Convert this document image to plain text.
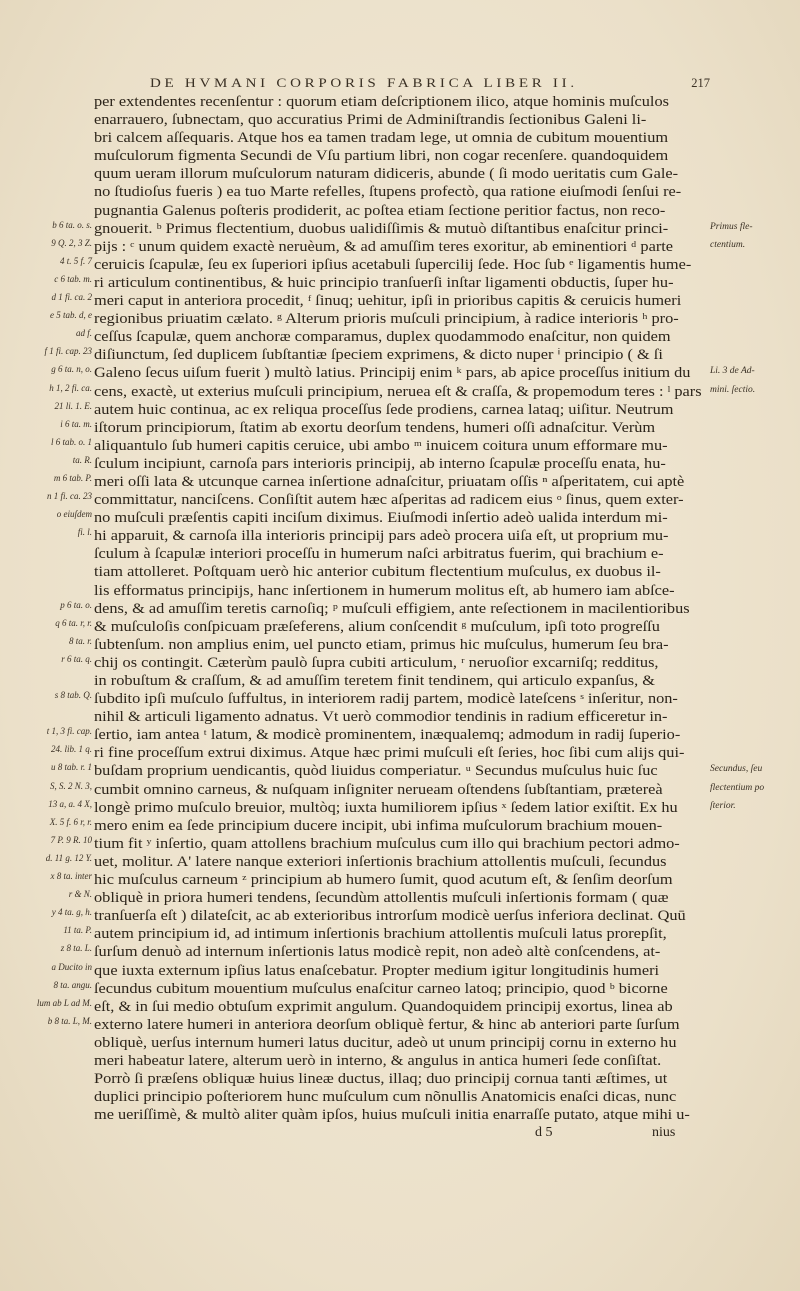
DE HVMANI CORPORIS FABRICA LIBER II.	217
per extendentes recenſentur : quorum etiam deſcriptionem ilico, atque hominis muſculos
enarrauero, ſubnectam, quo accuratius Primi de Adminiſtrandis ſectionibus Galeni li-
bri calcem aſſequaris. Atque hos ea tamen tradam lege, ut omnia de cubitum mouentium
muſculorum figmenta Secundi de Vſu partium libri, non cogar recenſere. quandoquidem
quum ueram illorum muſculorum naturam didiceris, abunde ( ſi modo ueritatis cum Gale-
no ſtudioſus fueris ) ea tuo Marte refelles, ſtupens profectò, qua ratione eiuſmodi ſenſui re-
pugnantia Galenus poſteris prodiderit, ac poſtea etiam ſectione peritior factus, non reco-
gnouerit. ᵇ Primus flectentium, duobus ualidiſſimis & mutuò diſtantibus enaſcitur princi-
b 6 ta. o. s.	Primus fle-
pijs : ᶜ unum quidem exactè neruèum, & ad amuſſim teres exoritur, ab eminentiori ᵈ parte
9 Q. 2, 3 Z.	ctentium.
ceruicis ſcapulæ, ſeu ex ſuperiori ipſius acetabuli ſupercilij ſede. Hoc ſub ᵉ ligamentis hume-
4 t. 5 f. 7
ri articulum continentibus, & huic principio tranſuerſi inſtar ligamenti obductis, ſuper hu-
c 6 tab. m.
meri caput in anteriora procedit, ᶠ ſinuq; uehitur, ipſi in prioribus capitis & ceruicis humeri
d 1 fi. ca. 2
regionibus priuatim cælato. ᵍ Alterum prioris muſculi principium, à radice interioris ʰ pro-
e 5 tab. d, e
ceſſus ſcapulæ, quem anchoræ comparamus, duplex quodammodo enaſcitur, non quidem
ad f.
diſiunctum, ſed duplicem ſubſtantiæ ſpeciem exprimens, & dicto nuper ⁱ principio ( & ſi
f 1 fi. cap. 23
Galeno ſecus uiſum fuerit ) multò latius. Principij enim ᵏ pars, ab apice proceſſus initium du
g 6 ta. n, o.	Li. 3 de Ad-
cens, exactè, ut exterius muſculi principium, neruea eſt & craſſa, & propemodum teres : ˡ pars
h 1, 2 fi. ca.	mini. ſectio.
autem huic continua, ac ex reliqua proceſſus ſede prodiens, carnea lataq; uiſitur. Neutrum
21 li. 1. E.
iſtorum principiorum, ſtatim ab exortu deorſum tendens, humeri oſſi adnaſcitur. Verùm
i 6 ta. m.
aliquantulo ſub humeri capitis ceruice, ubi ambo ᵐ inuicem coitura unum efformare mu-
l 6 tab. o. 1
ſculum incipiunt, carnoſa pars interioris principij, ab interno ſcapulæ proceſſu enata, hu-
ta. R.
meri oſſi lata & utcunque carnea inſertione adnaſcitur, priuatam oſſis ⁿ aſperitatem, cui aptè
m 6 tab. P.
committatur, nanciſcens. Conſiſtit autem hæc aſperitas ad radicem eius ᵒ ſinus, quem exter-
n 1 fi. ca. 23
no muſculi præſentis capiti inciſum diximus. Eiuſmodi inſertio adeò ualida interdum mi-
o eiuſdem
hi apparuit, & carnoſa illa interioris principij pars adeò procera uiſa eſt, ut proprium mu-
fi. l.
ſculum à ſcapulæ interiori proceſſu in humerum naſci arbitratus fuerim, qui brachium e-
tiam attolleret. Poſtquam uerò hic anterior cubitum flectentium muſculus, ex duobus il-
lis efformatus principijs, hanc inſertionem in humerum molitus eſt, ab humero iam abſce-
dens, & ad amuſſim teretis carnoſiq; ᵖ muſculi effigiem, ante reſectionem in macilentioribus
p 6 ta. o.
& muſculoſis conſpicuam præſeferens, alium conſcendit ᵍ muſculum, ipſi toto progreſſu
q 6 ta. r, r.
ſubtenſum. non amplius enim, uel puncto etiam, primus hic muſculus, humerum ſeu bra-
8 ta. r.
chij os contingit. Cæterùm paulò ſupra cubiti articulum, ʳ neruoſior excarniſq; redditus,
r 6 ta. q.
in robuſtum & craſſum, & ad amuſſim teretem finit tendinem, qui articulo expanſus, &
ſubdito ipſi muſculo ſuffultus, in interiorem radij partem, modicè lateſcens ˢ inſeritur, non-
s 8 tab. Q.
nihil & articuli ligamento adnatus. Vt uerò commodior tendinis in radium efficeretur in-
ſertio, iam antea ᵗ latum, & modicè prominentem, inæqualemq; admodum in radij ſuperio-
t 1, 3 fi. cap.
ri fine proceſſum extrui diximus. Atque hæc primi muſculi eſt ſeries, hoc ſibi cum alijs qui-
24. lib. 1 q.
buſdam proprium uendicantis, quòd liuidus comperiatur. ᵘ Secundus muſculus huic ſuc
u 8 tab. r. 1	Secundus, ſeu
cumbit omnino carneus, & nuſquam inſigniter nerueam oſtendens ſubſtantiam, prætereà
S, S. 2 N. 3,	flectentium po
longè primo muſculo breuior, multòq; iuxta humiliorem ipſius ˣ ſedem latior exiſtit. Ex hu
13 a, a. 4 X,	ſterior.
mero enim ea ſede principium ducere incipit, ubi infima muſculorum brachium mouen-
X. 5 f. 6 r, r.
tium fit ʸ inſertio, quam attollens brachium muſculus cum illo qui brachium pectori admo-
7 P. 9 R. 10
uet, molitur. A' latere nanque exteriori inſertionis brachium attollentis muſculi, ſecundus
d. 11 g. 12 Y.
hic muſculus carneum ᶻ principium ab humero ſumit, quod acutum eſt, & ſenſim deorſum
x 8 ta. inter
obliquè in priora humeri tendens, ſecundùm attollentis muſculi inſertionis formam ( quæ
r & N.
tranſuerſa eſt ) dilateſcit, ac ab exterioribus introrſum modicè uerſus inferiora declinat. Quū
y 4 ta. g, h.
autem principium id, ad intimum inſertionis brachium attollentis muſculi latus prorepſit,
11 ta. P.
ſurſum denuò ad internum inſertionis latus modicè repit, non adeò altè conſcendens, at-
z 8 ta. L.
que iuxta externum ipſius latus enaſcebatur. Propter medium igitur longitudinis humeri
a Ducito in
ſecundus cubitum mouentium muſculus enaſcitur carneo latoq; principio, quod ᵇ bicorne
8 ta. angu.
eſt, & in ſui medio obtuſum exprimit angulum. Quandoquidem principij exortus, linea ab
lum ab L ad M.
externo latere humeri in anteriora deorſum obliquè fertur, & hinc ab anteriori parte ſurſum
b 8 ta. L, M.
obliquè, uerſus internum humeri latus ducitur, adeò ut unum principij cornu in externo hu
meri habeatur latere, alterum uerò in interno, & angulus in antica humeri ſede conſiſtat.
Porrò ſi præſens obliquæ huius lineæ ductus, illaq; duo principij cornua tanti æſtimes, ut
duplici principio poſteriorem hunc muſculum cum nõnullis Anatomicis enaſci dicas, nunc
me ueriſſimè, & multò aliter quàm ipſos, huius muſculi initia enarraſſe putato, atque mihi u-
d 5	nius
